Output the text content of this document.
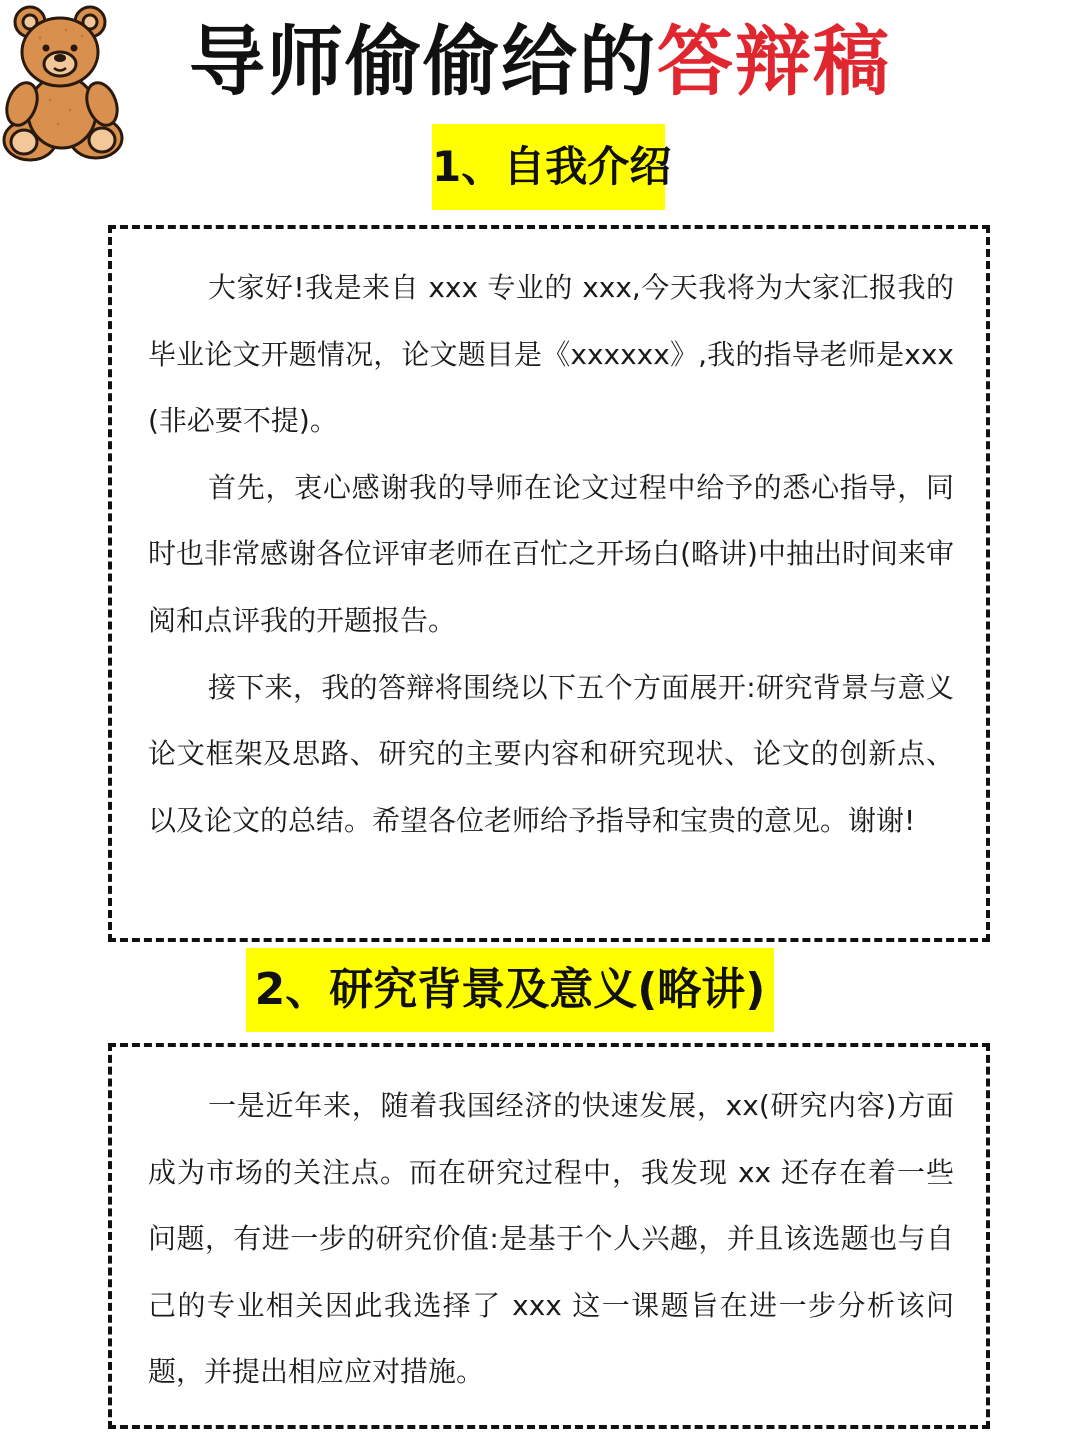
导师偷偷给的答辩稿
1、自我介绍

大家好!我是来自 xxx 专业的 xxx,今天我将为大家汇报我的毕业论文开题情况，论文题目是《xxxxxx》,我的指导老师是xxx(非必要不提)。

首先，衷心感谢我的导师在论文过程中给予的悉心指导，同时也非常感谢各位评审老师在百忙之开场白(略讲)中抽出时间来审阅和点评我的开题报告。

接下来，我的答辩将围绕以下五个方面展开:研究背景与意义论文框架及思路、研究的主要内容和研究现状、论文的创新点、以及论文的总结。希望各位老师给予指导和宝贵的意见。谢谢!

2、研究背景及意义(略讲)

一是近年来，随着我国经济的快速发展，xx(研究内容)方面成为市场的关注点。而在研究过程中，我发现 xx 还存在着一些问题，有进一步的研究价值:是基于个人兴趣，并且该选题也与自己的专业相关因此我选择了 xxx 这一课题旨在进一步分析该问题，并提出相应应对措施。
